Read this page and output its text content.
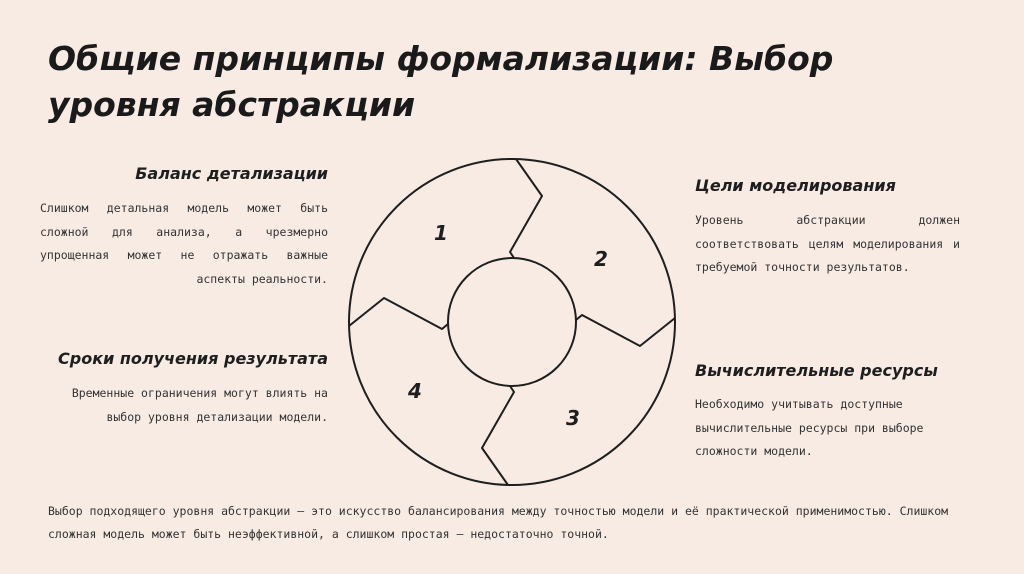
Общие принципы формализации: Выбор уровня абстракции
Баланс детализации

Слишком детальная модель может быть сложной для анализа, а чрезмерно упрощенная может не отражать важные аспекты реальности.

Цели моделирования

Уровень абстракции должен соответствовать целям моделирования и требуемой точности результатов.

Сроки получения результата

Временные ограничения могут влиять на выбор уровня детализации модели.

Вычислительные ресурсы

Необходимо учитывать доступные вычислительные ресурсы при выборе сложности модели.

1
2
3
4

Выбор подходящего уровня абстракции – это искусство балансирования между точностью модели и её практической применимостью. Слишком сложная модель может быть неэффективной, а слишком простая – недостаточно точной.
